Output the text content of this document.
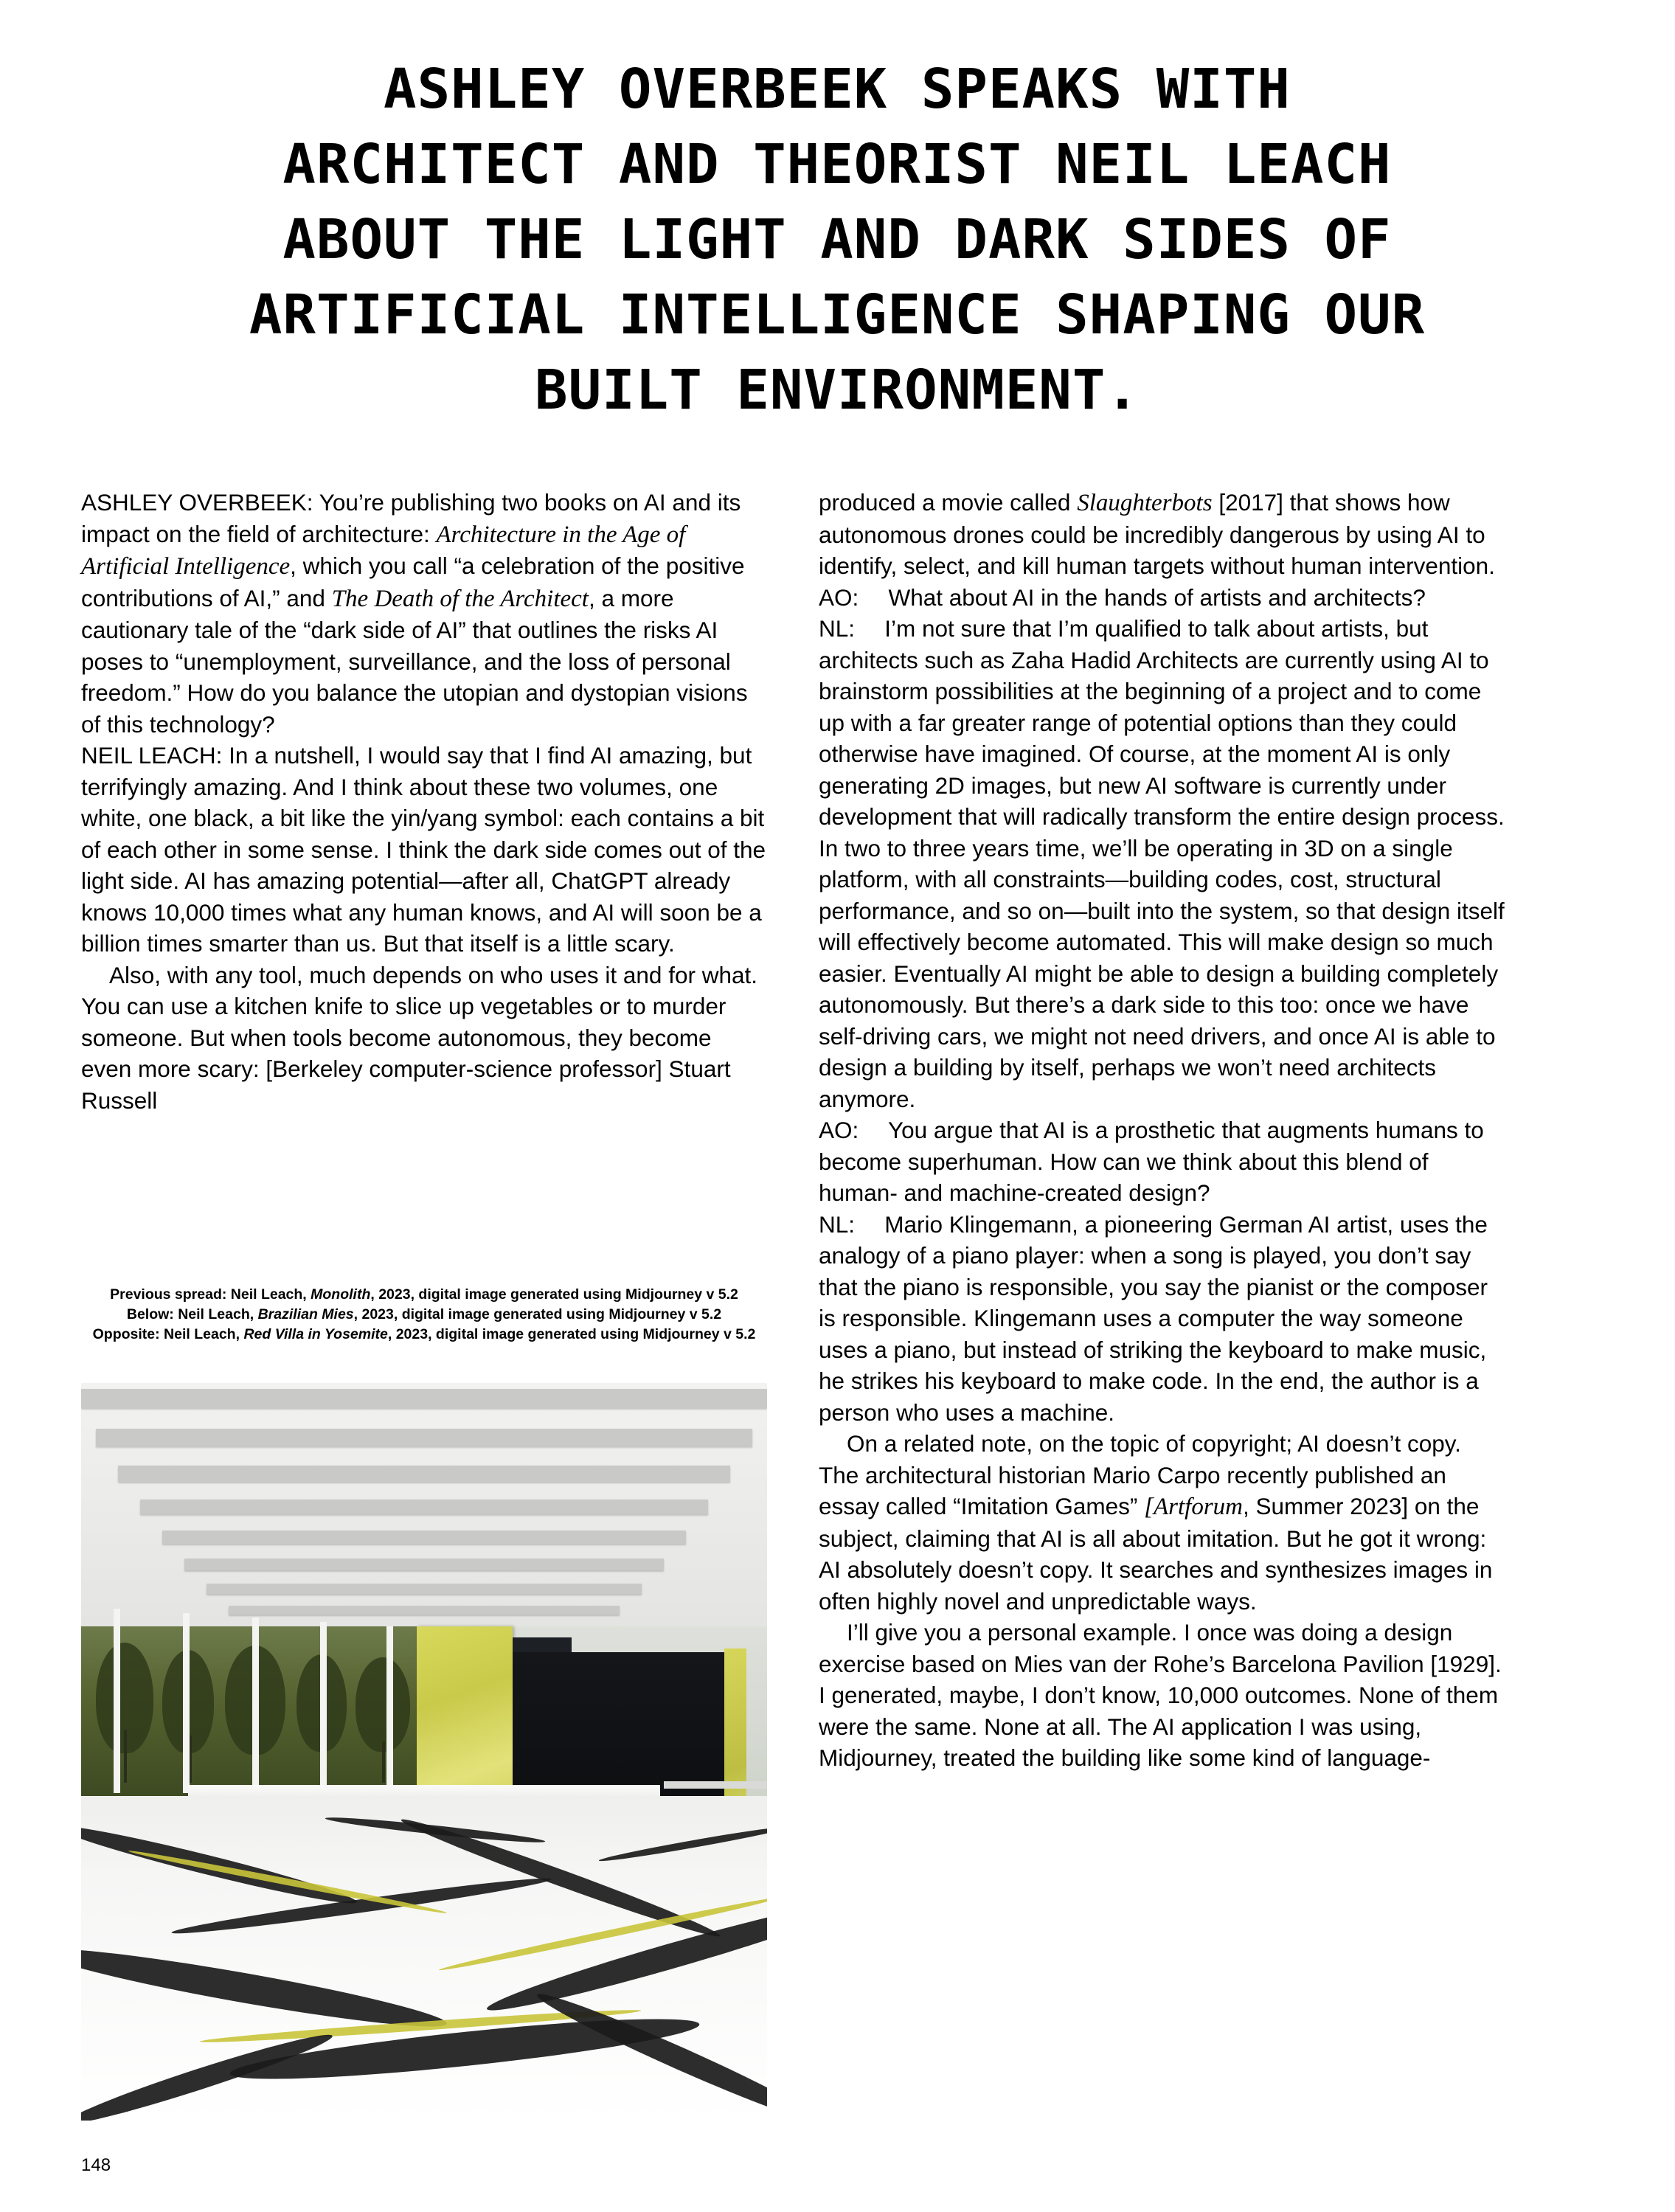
ASHLEY OVERBEEK SPEAKS WITH
ARCHITECT AND THEORIST NEIL LEACH
ABOUT THE LIGHT AND DARK SIDES OF
ARTIFICIAL INTELLIGENCE SHAPING OUR
BUILT ENVIRONMENT.

ASHLEY OVERBEEK: You’re publishing two books on AI and its impact on the field of architecture: Architecture in the Age of Artificial Intelligence, which you call “a celebration of the positive contributions of AI,” and The Death of the Architect, a more cautionary tale of the “dark side of AI” that outlines the risks AI poses to “unemployment, surveillance, and the loss of personal freedom.” How do you balance the utopian and dystopian visions of this technology?

NEIL LEACH: In a nutshell, I would say that I find AI amazing, but terrifyingly amazing. And I think about these two volumes, one white, one black, a bit like the yin/yang symbol: each contains a bit of each other in some sense. I think the dark side comes out of the light side. AI has amazing potential—after all, ChatGPT already knows 10,000 times what any human knows, and AI will soon be a billion times smarter than us. But that itself is a little scary.

Also, with any tool, much depends on who uses it and for what. You can use a kitchen knife to slice up vegetables or to murder someone. But when tools become autonomous, they become even more scary: [Berkeley computer-science professor] Stuart Russell

produced a movie called Slaughterbots [2017] that shows how autonomous drones could be incredibly dangerous by using AI to identify, select, and kill human targets without human intervention.

AO:  What about AI in the hands of artists and architects?

NL:  I’m not sure that I’m qualified to talk about artists, but architects such as Zaha Hadid Architects are currently using AI to brainstorm possibilities at the beginning of a project and to come up with a far greater range of potential options than they could otherwise have imagined. Of course, at the moment AI is only generating 2D images, but new AI software is currently under development that will radically transform the entire design process. In two to three years time, we’ll be operating in 3D on a single platform, with all constraints—building codes, cost, structural performance, and so on—built into the system, so that design itself will effectively become automated. This will make design so much easier. Eventually AI might be able to design a building completely autonomously. But there’s a dark side to this too: once we have self-driving cars, we might not need drivers, and once AI is able to design a building by itself, perhaps we won’t need architects anymore.

AO:  You argue that AI is a prosthetic that augments humans to become superhuman. How can we think about this blend of human- and machine-created design?

NL:  Mario Klingemann, a pioneering German AI artist, uses the analogy of a piano player: when a song is played, you don’t say that the piano is responsible, you say the pianist or the composer is responsible. Klingemann uses a computer the way someone uses a piano, but instead of striking the keyboard to make music, he strikes his keyboard to make code. In the end, the author is a person who uses a machine.

On a related note, on the topic of copyright; AI doesn’t copy. The architectural historian Mario Carpo recently published an essay called “Imitation Games” [Artforum, Summer 2023] on the subject, claiming that AI is all about imitation. But he got it wrong: AI absolutely doesn’t copy. It searches and synthesizes images in often highly novel and unpredictable ways.

I’ll give you a personal example. I once was doing a design exercise based on Mies van der Rohe’s Barcelona Pavilion [1929]. I generated, maybe, I don’t know, 10,000 outcomes. None of them were the same. None at all. The AI application I was using, Midjourney, treated the building like some kind of language-

Previous spread: Neil Leach, Monolith, 2023, digital image generated using Midjourney v 5.2
Below: Neil Leach, Brazilian Mies, 2023, digital image generated using Midjourney v 5.2
Opposite: Neil Leach, Red Villa in Yosemite, 2023, digital image generated using Midjourney v 5.2
148
